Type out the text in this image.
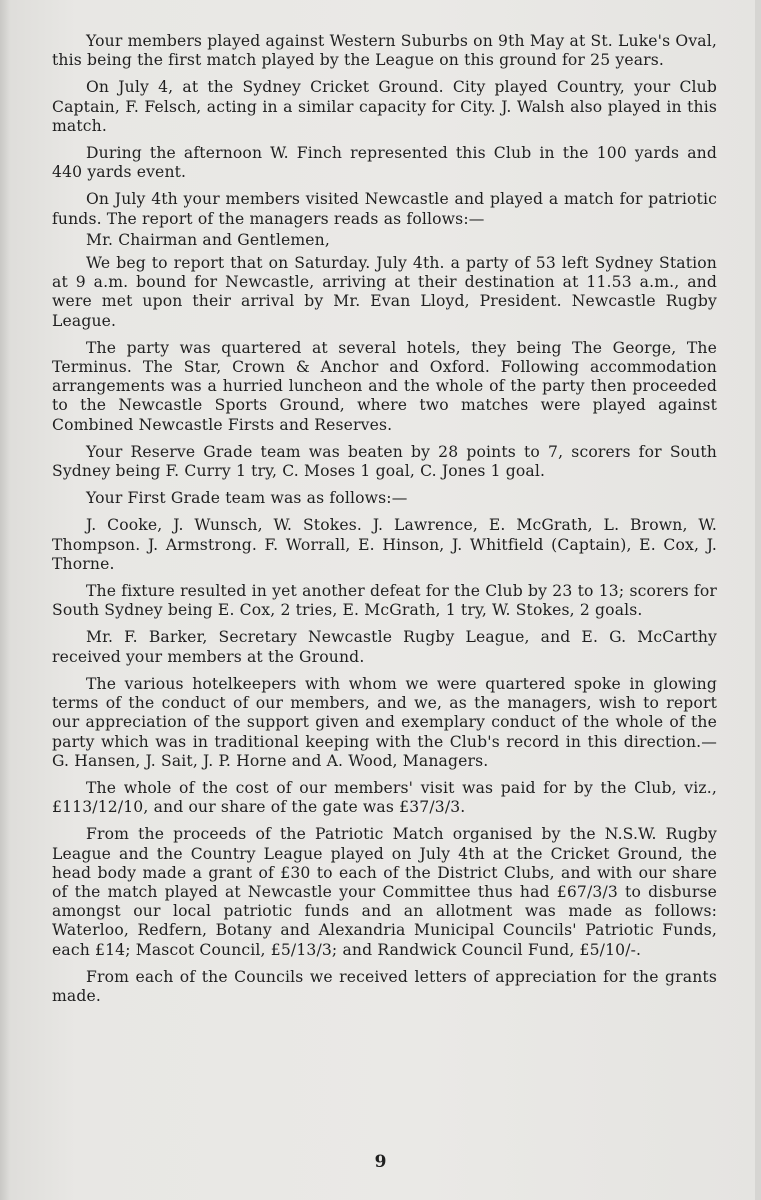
Your members played against Western Suburbs on 9th May at St. Luke's Oval, this being the first match played by the League on this ground for 25 years.

On July 4, at the Sydney Cricket Ground. City played Country, your Club Captain, F. Felsch, acting in a similar capacity for City. J. Walsh also played in this match.

During the afternoon W. Finch represented this Club in the 100 yards and 440 yards event.

On July 4th your members visited Newcastle and played a match for patriotic funds. The report of the managers reads as follows:—

Mr. Chairman and Gentlemen,

We beg to report that on Saturday. July 4th. a party of 53 left Sydney Station at 9 a.m. bound for Newcastle, arriving at their destination at 11.53 a.m., and were met upon their arrival by Mr. Evan Lloyd, President. Newcastle Rugby League.

The party was quartered at several hotels, they being The George, The Terminus. The Star, Crown & Anchor and Oxford. Following accommodation arrangements was a hurried luncheon and the whole of the party then proceeded to the Newcastle Sports Ground, where two matches were played against Combined Newcastle Firsts and Reserves.

Your Reserve Grade team was beaten by 28 points to 7, scorers for South Sydney being F. Curry 1 try, C. Moses 1 goal, C. Jones 1 goal.

Your First Grade team was as follows:—

J. Cooke, J. Wunsch, W. Stokes. J. Lawrence, E. McGrath, L. Brown, W. Thompson. J. Armstrong. F. Worrall, E. Hinson, J. Whitfield (Captain), E. Cox, J. Thorne.

The fixture resulted in yet another defeat for the Club by 23 to 13; scorers for South Sydney being E. Cox, 2 tries, E. McGrath, 1 try, W. Stokes, 2 goals.

Mr. F. Barker, Secretary Newcastle Rugby League, and E. G. McCarthy received your members at the Ground.

The various hotelkeepers with whom we were quartered spoke in glowing terms of the conduct of our members, and we, as the managers, wish to report our appreciation of the support given and exemplary conduct of the whole of the party which was in traditional keeping with the Club's record in this direction.—G. Hansen, J. Sait, J. P. Horne and A. Wood, Managers.

The whole of the cost of our members' visit was paid for by the Club, viz., £113/12/10, and our share of the gate was £37/3/3.

From the proceeds of the Patriotic Match organised by the N.S.W. Rugby League and the Country League played on July 4th at the Cricket Ground, the head body made a grant of £30 to each of the District Clubs, and with our share of the match played at Newcastle your Committee thus had £67/3/3 to disburse amongst our local patriotic funds and an allotment was made as follows: Waterloo, Redfern, Botany and Alexandria Municipal Councils' Patriotic Funds, each £14; Mascot Council, £5/13/3; and Randwick Council Fund, £5/10/-.

From each of the Councils we received letters of appreciation for the grants made.

9
